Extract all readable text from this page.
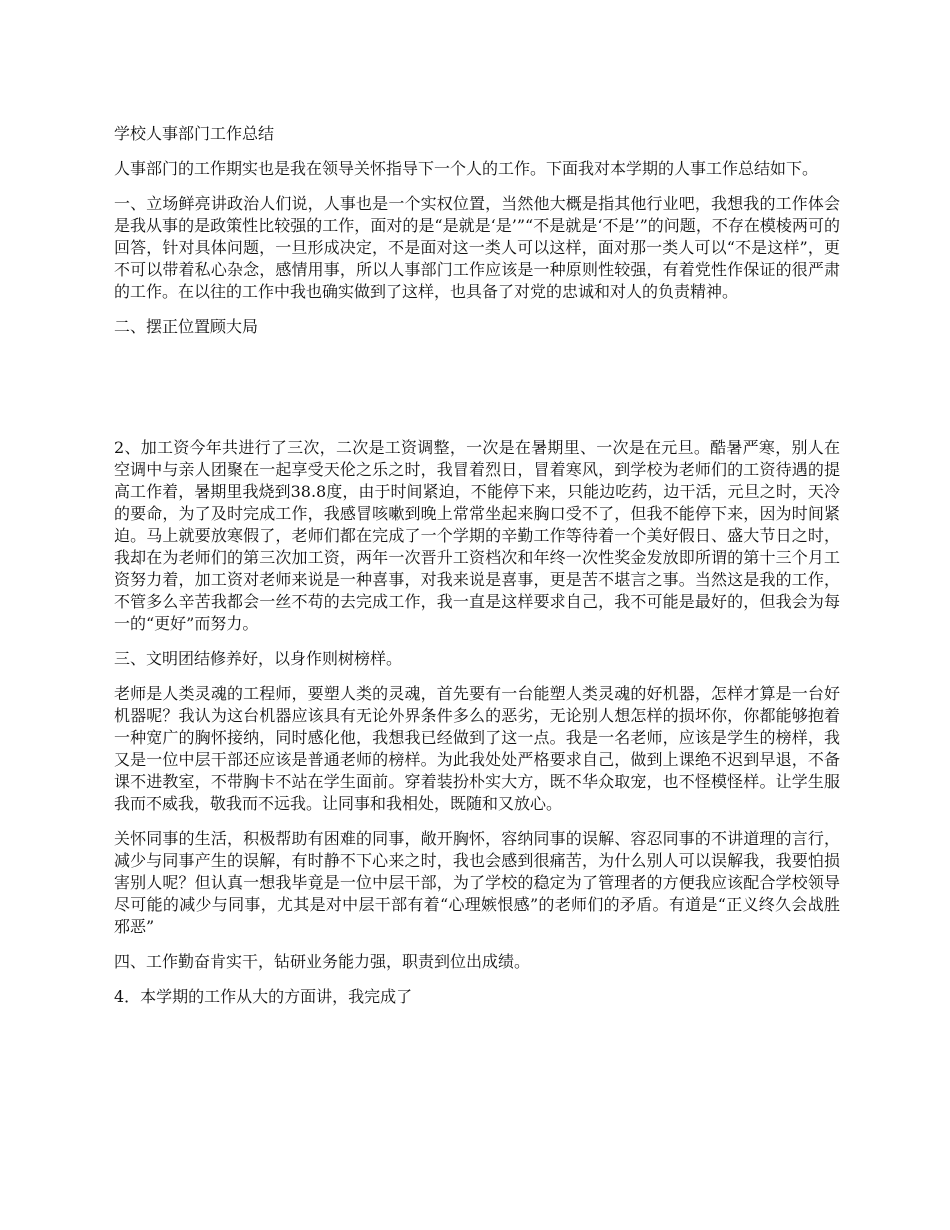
学校人事部门工作总结

人事部门的工作期实也是我在领导关怀指导下一个人的工作。下面我对本学期的人事工作总结如下。

一、立场鲜亮讲政治人们说，人事也是一个实权位置，当然他大概是指其他行业吧，我想我的工作体会是我从事的是政策性比较强的工作，面对的是“是就是‘是’”“不是就是‘不是’”的问题，不存在模棱两可的回答，针对具体问题，一旦形成决定，不是面对这一类人可以这样，面对那一类人可以“不是这样”，更不可以带着私心杂念，感情用事，所以人事部门工作应该是一种原则性较强，有着党性作保证的很严肃的工作。在以往的工作中我也确实做到了这样，也具备了对党的忠诚和对人的负责精神。

二、摆正位置顾大局

2、加工资今年共进行了三次，二次是工资调整，一次是在暑期里、一次是在元旦。酷暑严寒，别人在空调中与亲人团聚在一起享受天伦之乐之时，我冒着烈日，冒着寒风，到学校为老师们的工资待遇的提高工作着，暑期里我烧到38.8度，由于时间紧迫，不能停下来，只能边吃药，边干活，元旦之时，天冷的要命，为了及时完成工作，我感冒咳嗽到晚上常常坐起来胸口受不了，但我不能停下来，因为时间紧迫。马上就要放寒假了，老师们都在完成了一个学期的辛勤工作等待着一个美好假日、盛大节日之时，我却在为老师们的第三次加工资，两年一次晋升工资档次和年终一次性奖金发放即所谓的第十三个月工资努力着，加工资对老师来说是一种喜事，对我来说是喜事，更是苦不堪言之事。当然这是我的工作，不管多么辛苦我都会一丝不苟的去完成工作，我一直是这样要求自己，我不可能是最好的，但我会为每一的“更好”而努力。

三、文明团结修养好，以身作则树榜样。

老师是人类灵魂的工程师，要塑人类的灵魂，首先要有一台能塑人类灵魂的好机器，怎样才算是一台好机器呢？我认为这台机器应该具有无论外界条件多么的恶劣，无论别人想怎样的损坏你，你都能够抱着一种宽广的胸怀接纳，同时感化他，我想我已经做到了这一点。我是一名老师，应该是学生的榜样，我又是一位中层干部还应该是普通老师的榜样。为此我处处严格要求自己，做到上课绝不迟到早退，不备课不进教室，不带胸卡不站在学生面前。穿着装扮朴实大方，既不华众取宠，也不怪模怪样。让学生服我而不威我，敬我而不远我。让同事和我相处，既随和又放心。

关怀同事的生活，积极帮助有困难的同事，敞开胸怀，容纳同事的误解、容忍同事的不讲道理的言行，减少与同事产生的误解，有时静不下心来之时，我也会感到很痛苦，为什么别人可以误解我，我要怕损害别人呢？但认真一想我毕竟是一位中层干部，为了学校的稳定为了管理者的方便我应该配合学校领导尽可能的减少与同事，尤其是对中层干部有着“心理嫉恨感”的老师们的矛盾。有道是“正义终久会战胜邪恶”

四、工作勤奋肯实干，钻研业务能力强，职责到位出成绩。

4．本学期的工作从大的方面讲，我完成了
